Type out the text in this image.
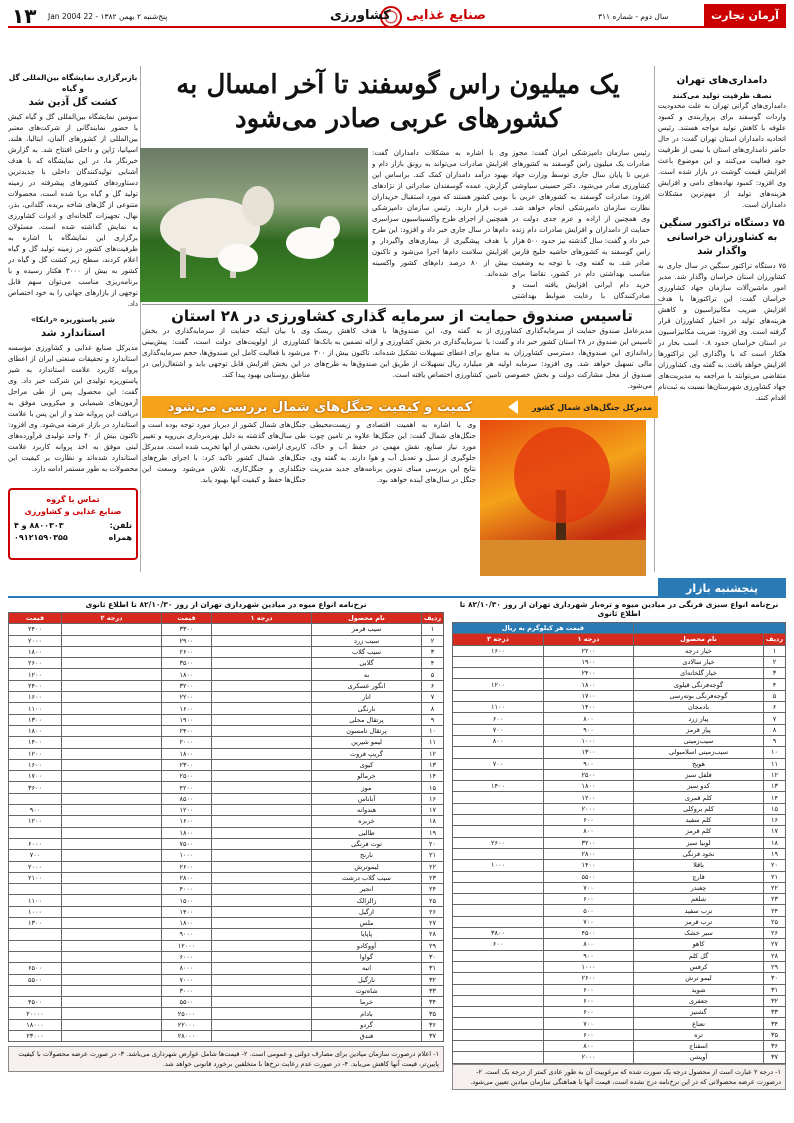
آرمان تجارت
سال دوم - شماره ۳۱۱
صنایع غذایی
کشاورزی
پنج‌شنبه ۲ بهمن ۱۳۸۲ - 22 Jan 2004
۱۳
بازبرگزاری نمایشگاه بین‌المللی گل و گیاه
کشت گل آذین شد

سومین نمایشگاه بین‌المللی گل و گیاه کیش با حضور نمایندگانی از شرکت‌های معتبر بین‌المللی از کشورهای آلمان، ایتالیا، هلند، اسپانیا، ژاپن و داخلی افتتاح شد. به گزارش خبرنگار ما، در این نمایشگاه که با هدف آشنایی تولیدکنندگان داخلی با جدیدترین دستاوردهای کشورهای پیشرفته در زمینه تولید گل و گیاه برپا شده است، محصولات متنوعی از گل‌های شاخه بریده، گلدانی، بذر، نهال، تجهیزات گلخانه‌ای و ادوات کشاورزی به نمایش گذاشته شده است. مسئولان برگزاری این نمایشگاه با اشاره به ظرفیت‌های کشور در زمینه تولید گل و گیاه اعلام کردند، سطح زیر کشت گل و گیاه در کشور به بیش از ۳۰۰۰ هکتار رسیده و با برنامه‌ریزی مناسب می‌توان سهم قابل توجهی از بازارهای جهانی را به خود اختصاص داد.

شیر پاستوریزه «رابکا»
استاندارد شد

مدیرکل صنایع غذایی و کشاورزی مؤسسه استاندارد و تحقیقات صنعتی ایران از اعطای پروانه کاربرد علامت استاندارد به شیر پاستوریزه تولیدی این شرکت خبر داد. وی گفت: این محصول پس از طی مراحل آزمون‌های شیمیایی و میکروبی موفق به دریافت این پروانه شد و از این پس با علامت استاندارد در بازار عرضه می‌شود. وی افزود: تاکنون بیش از ۴۰ واحد تولیدی فرآورده‌های لبنی موفق به اخذ پروانه کاربرد علامت استاندارد شده‌اند و نظارت بر کیفیت این محصولات به طور مستمر ادامه دارد.

تماس با گروه
صنایع غذایی و کشاورزی
تلفن:
۸۸۰۰۳۰۳ و ۴
همراه
۰۹۱۲۱۵۹۰۳۵۵
یک میلیون راس گوسفند تا آخر امسال به کشورهای عربی صادر می‌شود
وی با اشاره به مشکلات دامداران گفت: افزایش صادرات می‌تواند به رونق بازار دام و بهبود درآمد دامداران کمک کند. براساس این گزارش، عمده گوسفندان صادراتی از نژادهای بومی کشور هستند که مورد استقبال خریداران عرب قرار دارند. رئیس سازمان دامپزشکی همچنین از اجرای طرح واکسیناسیون سراسری دام‌ها در سال جاری خبر داد و افزود: این طرح با هدف پیشگیری از بیماری‌های واگیردار و افزایش سلامت دام‌ها اجرا می‌شود و تاکنون بیش از ۸۰ درصد دام‌های کشور واکسینه شده‌اند.
رئیس سازمان دامپزشکی ایران گفت: مجوز صادرات یک میلیون راس گوسفند به کشورهای عربی تا پایان سال جاری توسط وزارت جهاد کشاورزی صادر می‌شود. دکتر حسینی سیاوشی افزود: صادرات گوسفند به کشورهای عربی با نظارت سازمان دامپزشکی انجام خواهد شد. وی همچنین از اراده و عزم جدی دولت در حمایت از دامداران و افزایش صادرات دام زنده خبر داد و گفت: سال گذشته نیز حدود ۵۰۰ هزار راس گوسفند به کشورهای حاشیه خلیج فارس صادر شد. به گفته وی، با توجه به وضعیت مناسب بهداشتی دام در کشور، تقاضا برای خرید دام ایرانی افزایش یافته است و صادرکنندگان با رعایت ضوابط بهداشتی
تاسیس صندوق حمایت از سرمایه گذاری کشاورزی در ۲۸ استان
وی با بیان اینکه حمایت از سرمایه‌گذاری در بخش کشاورزی از اولویت‌های دولت است، گفت: پیش‌بینی می‌شود با فعالیت کامل این صندوق‌ها، حجم سرمایه‌گذاری در این بخش افزایش قابل توجهی یابد و اشتغال‌زایی در مناطق روستایی بهبود پیدا کند.
به گفته وی، این صندوق‌ها با هدف کاهش ریسک سرمایه‌گذاری در بخش کشاورزی و ارائه تضمین به بانک‌ها برای اعطای تسهیلات تشکیل شده‌اند. تاکنون بیش از ۳۰۰ میلیارد ریال تسهیلات از طریق این صندوق‌ها به طرح‌های کشاورزی اختصاص یافته است.
مدیرعامل صندوق حمایت از سرمایه‌گذاری کشاورزی از تاسیس این صندوق در ۲۸ استان کشور خبر داد و گفت: با راه‌اندازی این صندوق‌ها، دسترسی کشاورزان به منابع مالی تسهیل خواهد شد. وی افزود: سرمایه اولیه هر صندوق از محل مشارکت دولت و بخش خصوصی تامین می‌شود.
کمیت و کیفیت جنگل‌های شمال بررسی می‌شود	مدیرکل جنگل‌های شمال کشور
جنگل‌های شمال کشور از دیرباز مورد توجه بوده است و طی سال‌های گذشته به دلیل بهره‌برداری بی‌رویه و تغییر کاربری اراضی، بخشی از آنها تخریب شده است. مدیرکل جنگل‌های شمال کشور تاکید کرد: با اجرای طرح‌های جنگلداری و جنگل‌کاری، تلاش می‌شود وسعت این جنگل‌ها حفظ و کیفیت آنها بهبود یابد.
وی با اشاره به اهمیت اقتصادی و زیست‌محیطی جنگل‌های شمال گفت: این جنگل‌ها علاوه بر تامین چوب مورد نیاز صنایع، نقش مهمی در حفظ آب و خاک، جلوگیری از سیل و تعدیل آب و هوا دارند. به گفته وی، نتایج این بررسی مبنای تدوین برنامه‌های جدید مدیریت جنگل در سال‌های آینده خواهد بود.
دامداری‌های تهران
نصف ظرفیت تولید می‌کنند

دامداری‌های گرانی تهران به علت محدودیت واردات گوسفند برای پرواربندی و کمبود علوفه با کاهش تولید مواجه هستند. رئیس اتحادیه دامداران استان تهران گفت: در حال حاضر دامداری‌های استان با نیمی از ظرفیت خود فعالیت می‌کنند و این موضوع باعث افزایش قیمت گوشت در بازار شده است. وی افزود: کمبود نهاده‌های دامی و افزایش هزینه‌های تولید از مهم‌ترین مشکلات دامداران است.

۷۵ دستگاه تراکتور سنگین به کشاورزان خراسانی واگذار شد

۷۵ دستگاه تراکتور سنگین در سال جاری به کشاورزان استان خراسان واگذار شد. مدیر امور ماشین‌آلات سازمان جهاد کشاورزی خراسان گفت: این تراکتورها با هدف افزایش ضریب مکانیزاسیون و کاهش هزینه‌های تولید در اختیار کشاورزان قرار گرفته است. وی افزود: ضریب مکانیزاسیون در استان خراسان حدود ۰.۸ اسب بخار در هکتار است که با واگذاری این تراکتورها افزایش خواهد یافت. به گفته وی، کشاورزان متقاضی می‌توانند با مراجعه به مدیریت‌های جهاد کشاورزی شهرستان‌ها نسبت به ثبت‌نام اقدام کنند.

پنجشنبه بازار
نرخ‌نامه انواع سبزی فرنگی در میادین میوه و تره‌بار شهرداری تهران از روز ۸۲/۱۰/۳۰ تا اطلاع ثانوی
نرخ‌نامه انواع میوه در میادین شهرداری تهران از روز ۸۲/۱۰/۳۰ تا اطلاع ثانوی
		قیمت هر کیلوگرم به ریال	
ردیف	نام محصول	درجه ۱	درجه ۲
۱	خیار درجه	۲۲۰۰	۱۶۰۰
۲	خیار سالادی	۱۹۰۰	
۳	خیار گلخانه‌ای	۲۴۰۰	
۴	گوجه‌فرنگی قیلوی	۱۸۰۰	۱۲۰۰
۵	گوجه‌فرنگی بوته‌رسی	۱۷۰۰	
۶	بادمجان	۱۴۰۰	۱۱۰۰
۷	پیاز زرد	۸۰۰	۶۰۰
۸	پیاز قرمز	۹۰۰	۷۰۰
۹	سیب‌زمینی	۱۰۰۰	۸۰۰
۱۰	سیب‌زمینی اسلامبولی	۱۳۰۰	
۱۱	هویج	۹۰۰	۷۰۰
۱۲	فلفل سبز	۲۵۰۰	
۱۳	کدو سبز	۱۸۰۰	۱۴۰۰
۱۴	کلم قمری	۱۲۰۰	
۱۵	کلم بروکلی	۲۰۰۰	
۱۶	کلم سفید	۶۰۰	
۱۷	کلم قرمز	۸۰۰	
۱۸	لوبیا سبز	۳۲۰۰	۲۶۰۰
۱۹	نخود فرنگی	۲۸۰۰	
۲۰	باقلا	۱۴۰۰	۱۰۰۰
۲۱	قارچ	۵۵۰۰	
۲۲	چغندر	۷۰۰	
۲۳	شلغم	۶۰۰	
۲۴	ترب سفید	۵۰۰	
۲۵	ترب قرمز	۷۰۰	
۲۶	سیر خشک	۴۵۰۰	۳۸۰۰
۲۷	کاهو	۸۰۰	۶۰۰
۲۸	گل کلم	۹۰۰	
۲۹	کرفس	۱۰۰۰	
۳۰	لیمو ترش	۲۶۰۰	
۳۱	شوید	۶۰۰	
۳۲	جعفری	۶۰۰	
۳۳	گشنیز	۶۰۰	
۳۴	نعناع	۷۰۰	
۳۵	تره	۶۰۰	
۳۶	اسفناج	۸۰۰	
۳۷	آویشن	۲۰۰۰	
ردیف	نام محصول	درجه ۱	قیمت	درجه ۲	قیمت
۱	سیب قرمز		۳۳۰۰		۲۴۰۰
۲	سیب زرد		۲۹۰۰		۲۰۰۰
۳	سیب گلاب		۲۶۰۰		۱۸۰۰
۴	گلابی		۳۵۰۰		۲۶۰۰
۵	به		۱۸۰۰		۱۲۰۰
۶	انگور عسکری		۳۲۰۰		۲۴۰۰
۷	انار		۲۲۰۰		۱۶۰۰
۸	نارنگی		۱۶۰۰		۱۱۰۰
۹	پرتقال محلی		۱۹۰۰		۱۳۰۰
۱۰	پرتقال تامسون		۲۴۰۰		۱۸۰۰
۱۱	لیمو شیرین		۲۰۰۰		۱۴۰۰
۱۲	گریپ فروت		۱۸۰۰		۱۲۰۰
۱۳	کیوی		۲۳۰۰		۱۶۰۰
۱۴	خرمالو		۲۵۰۰		۱۷۰۰
۱۵	موز		۴۲۰۰		۳۶۰۰
۱۶	آناناس		۸۵۰۰		
۱۷	هندوانه		۱۲۰۰		۹۰۰
۱۸	خربزه		۱۶۰۰		۱۲۰۰
۱۹	طالبی		۱۸۰۰		
۲۰	توت فرنگی		۷۵۰۰		۶۰۰۰
۲۱	نارنج		۱۰۰۰		۷۰۰
۲۲	لیموترش		۲۶۰۰		۲۰۰۰
۲۳	سیب گلاب درشت		۲۸۰۰		۲۱۰۰
۲۴	انجیر		۴۰۰۰		
۲۵	زالزالک		۱۵۰۰		۱۱۰۰
۲۶	ازگیل		۱۴۰۰		۱۰۰۰
۲۷	ملس		۱۸۰۰		۱۳۰۰
۲۸	پاپایا		۹۰۰۰		
۲۹	آووکادو		۱۲۰۰۰		
۳۰	گواوا		۶۰۰۰		
۳۱	انبه		۸۰۰۰		۶۵۰۰
۳۲	نارگیل		۷۰۰۰		۵۵۰۰
۳۳	شاه‌توت		۳۰۰۰		
۳۴	خرما		۵۵۰۰		۴۵۰۰
۳۵	بادام		۲۵۰۰۰		۲۰۰۰۰
۳۶	گردو		۲۲۰۰۰		۱۸۰۰۰
۳۷	فندق		۲۸۰۰۰		۲۳۰۰۰
۱- درجه ۲ عبارت است از محصول درجه یک سورت شده که مرغوبیت آن به طور عادی کمتر از درجه یک است. ۲- درصورت عرضه محصولاتی که در این نرخ‌نامه درج نشده است، قیمت آنها با هماهنگی سازمان میادین تعیین می‌شود.
۱- اعلام درصورت سازمان میادین برای مصارف دولتی و عمومی است. ۲- قیمت‌ها شامل عوارض شهرداری می‌باشد. ۳- در صورت عرضه محصولات با کیفیت پایین‌تر، قیمت آنها کاهش می‌یابد. ۴- در صورت عدم رعایت نرخ‌ها با متخلفین برخورد قانونی خواهد شد.
